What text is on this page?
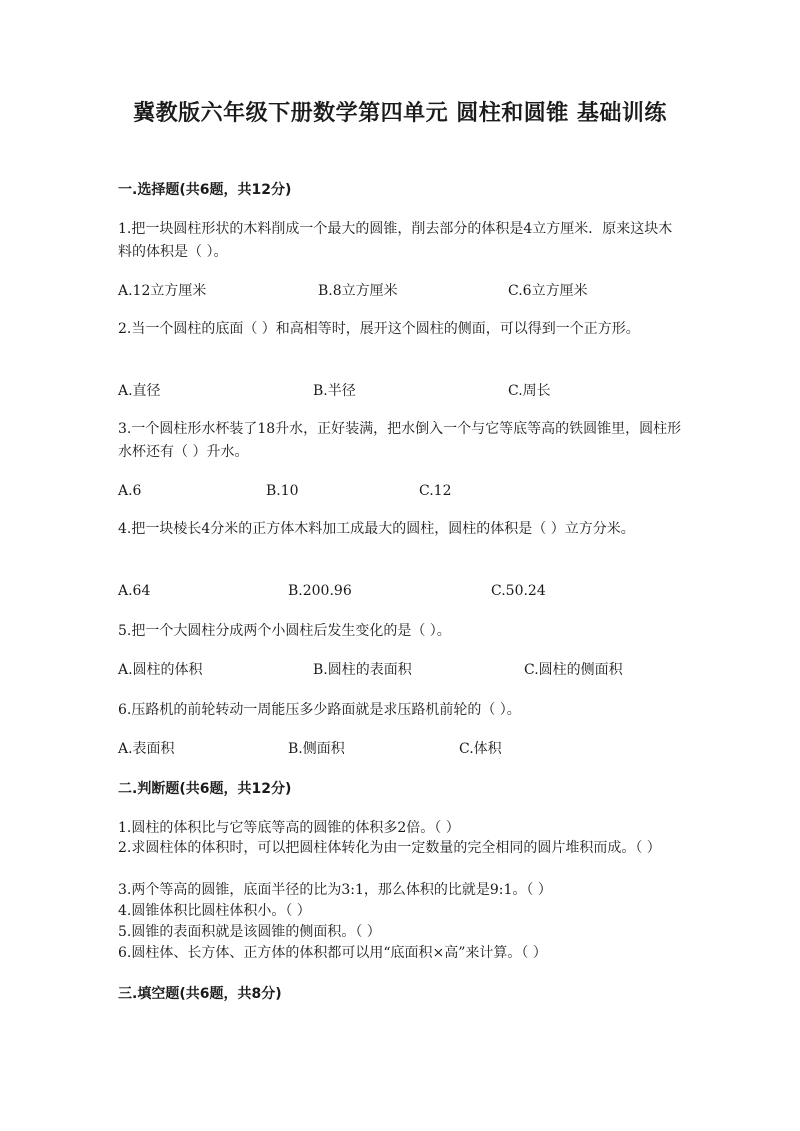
冀教版六年级下册数学第四单元 圆柱和圆锥 基础训练
一.选择题(共6题，共12分)
1.把一块圆柱形状的木料削成一个最大的圆锥，削去部分的体积是4立方厘米．原来这块木料的体积是（ ）。
A.12立方厘米	B.8立方厘米	C.6立方厘米
2.当一个圆柱的底面（ ）和高相等时，展开这个圆柱的侧面，可以得到一个正方形。
A.直径	B.半径	C.周长
3.一个圆柱形水杯装了18升水，正好装满，把水倒入一个与它等底等高的铁圆锥里，圆柱形水杯还有（ ）升水。
A.6	B.10	C.12
4.把一块棱长4分米的正方体木料加工成最大的圆柱，圆柱的体积是（ ）立方分米。
A.64	B.200.96	C.50.24
5.把一个大圆柱分成两个小圆柱后发生变化的是（ ）。
A.圆柱的体积	B.圆柱的表面积	C.圆柱的侧面积
6.压路机的前轮转动一周能压多少路面就是求压路机前轮的（ ）。
A.表面积	B.侧面积	C.体积
二.判断题(共6题，共12分)
1.圆柱的体积比与它等底等高的圆锥的体积多2倍。（ ）
2.求圆柱体的体积时，可以把圆柱体转化为由一定数量的完全相同的圆片堆积而成。（ ）
3.两个等高的圆锥，底面半径的比为3:1，那么体积的比就是9:1。（ ）
4.圆锥体积比圆柱体积小。（ ）
5.圆锥的表面积就是该圆锥的侧面积。（ ）
6.圆柱体、长方体、正方体的体积都可以用“底面积×高”来计算。（ ）
三.填空题(共6题，共8分)
